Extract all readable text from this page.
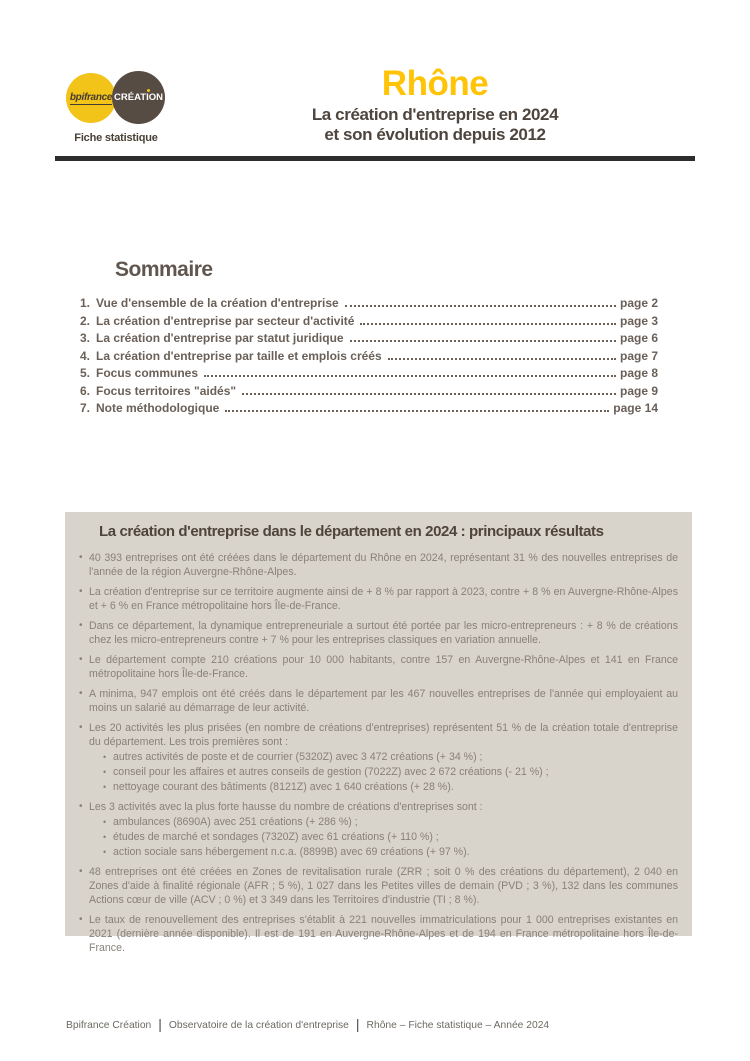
bpifrance CRÉATION
Fiche statistique
Rhône
La création d'entreprise en 2024
et son évolution depuis 2012
Sommaire
1. Vue d'ensemble de la création d'entreprise	page 2
2. La création d'entreprise par secteur d'activité	page 3
3. La création d'entreprise par statut juridique	page 6
4. La création d'entreprise par taille et emplois créés	page 7
5. Focus communes	page 8
6. Focus territoires "aidés"	page 9
7. Note méthodologique	page 14
La création d'entreprise dans le département en 2024 : principaux résultats
• 40 393 entreprises ont été créées dans le département du Rhône en 2024, représentant 31 % des nouvelles entreprises de l'année de la région Auvergne-Rhône-Alpes.
• La création d'entreprise sur ce territoire augmente ainsi de + 8 % par rapport à 2023, contre + 8 % en Auvergne-Rhône-Alpes et + 6 % en France métropolitaine hors Île-de-France.
• Dans ce département, la dynamique entrepreneuriale a surtout été portée par les micro-entrepreneurs : + 8 % de créations chez les micro-entrepreneurs contre + 7 % pour les entreprises classiques en variation annuelle.
• Le département compte 210 créations pour 10 000 habitants, contre 157 en Auvergne-Rhône-Alpes et 141 en France métropolitaine hors Île-de-France.
• A minima, 947 emplois ont été créés dans le département par les 467 nouvelles entreprises de l'année qui employaient au moins un salarié au démarrage de leur activité.
• Les 20 activités les plus prisées (en nombre de créations d'entreprises) représentent 51 % de la création totale d'entreprise du département. Les trois premières sont :
• autres activités de poste et de courrier (5320Z) avec 3 472 créations (+ 34 %) ;
• conseil pour les affaires et autres conseils de gestion (7022Z) avec 2 672 créations (- 21 %) ;
• nettoyage courant des bâtiments (8121Z) avec 1 640 créations (+ 28 %).
• Les 3 activités avec la plus forte hausse du nombre de créations d'entreprises sont :
• ambulances (8690A) avec 251 créations (+ 286 %) ;
• études de marché et sondages (7320Z) avec 61 créations (+ 110 %) ;
• action sociale sans hébergement n.c.a. (8899B) avec 69 créations (+ 97 %).
• 48 entreprises ont été créées en Zones de revitalisation rurale (ZRR ; soit 0 % des créations du département), 2 040 en Zones d'aide à finalité régionale (AFR ; 5 %), 1 027 dans les Petites villes de demain (PVD ; 3 %), 132 dans les communes Actions cœur de ville (ACV ; 0 %) et 3 349 dans les Territoires d'industrie (TI ; 8 %).
• Le taux de renouvellement des entreprises s'établit à 221 nouvelles immatriculations pour 1 000 entreprises existantes en 2021 (dernière année disponible). Il est de 191 en Auvergne-Rhône-Alpes et de 194 en France métropolitaine hors Île-de-France.
Bpifrance Création | Observatoire de la création d'entreprise | Rhône – Fiche statistique – Année 2024
